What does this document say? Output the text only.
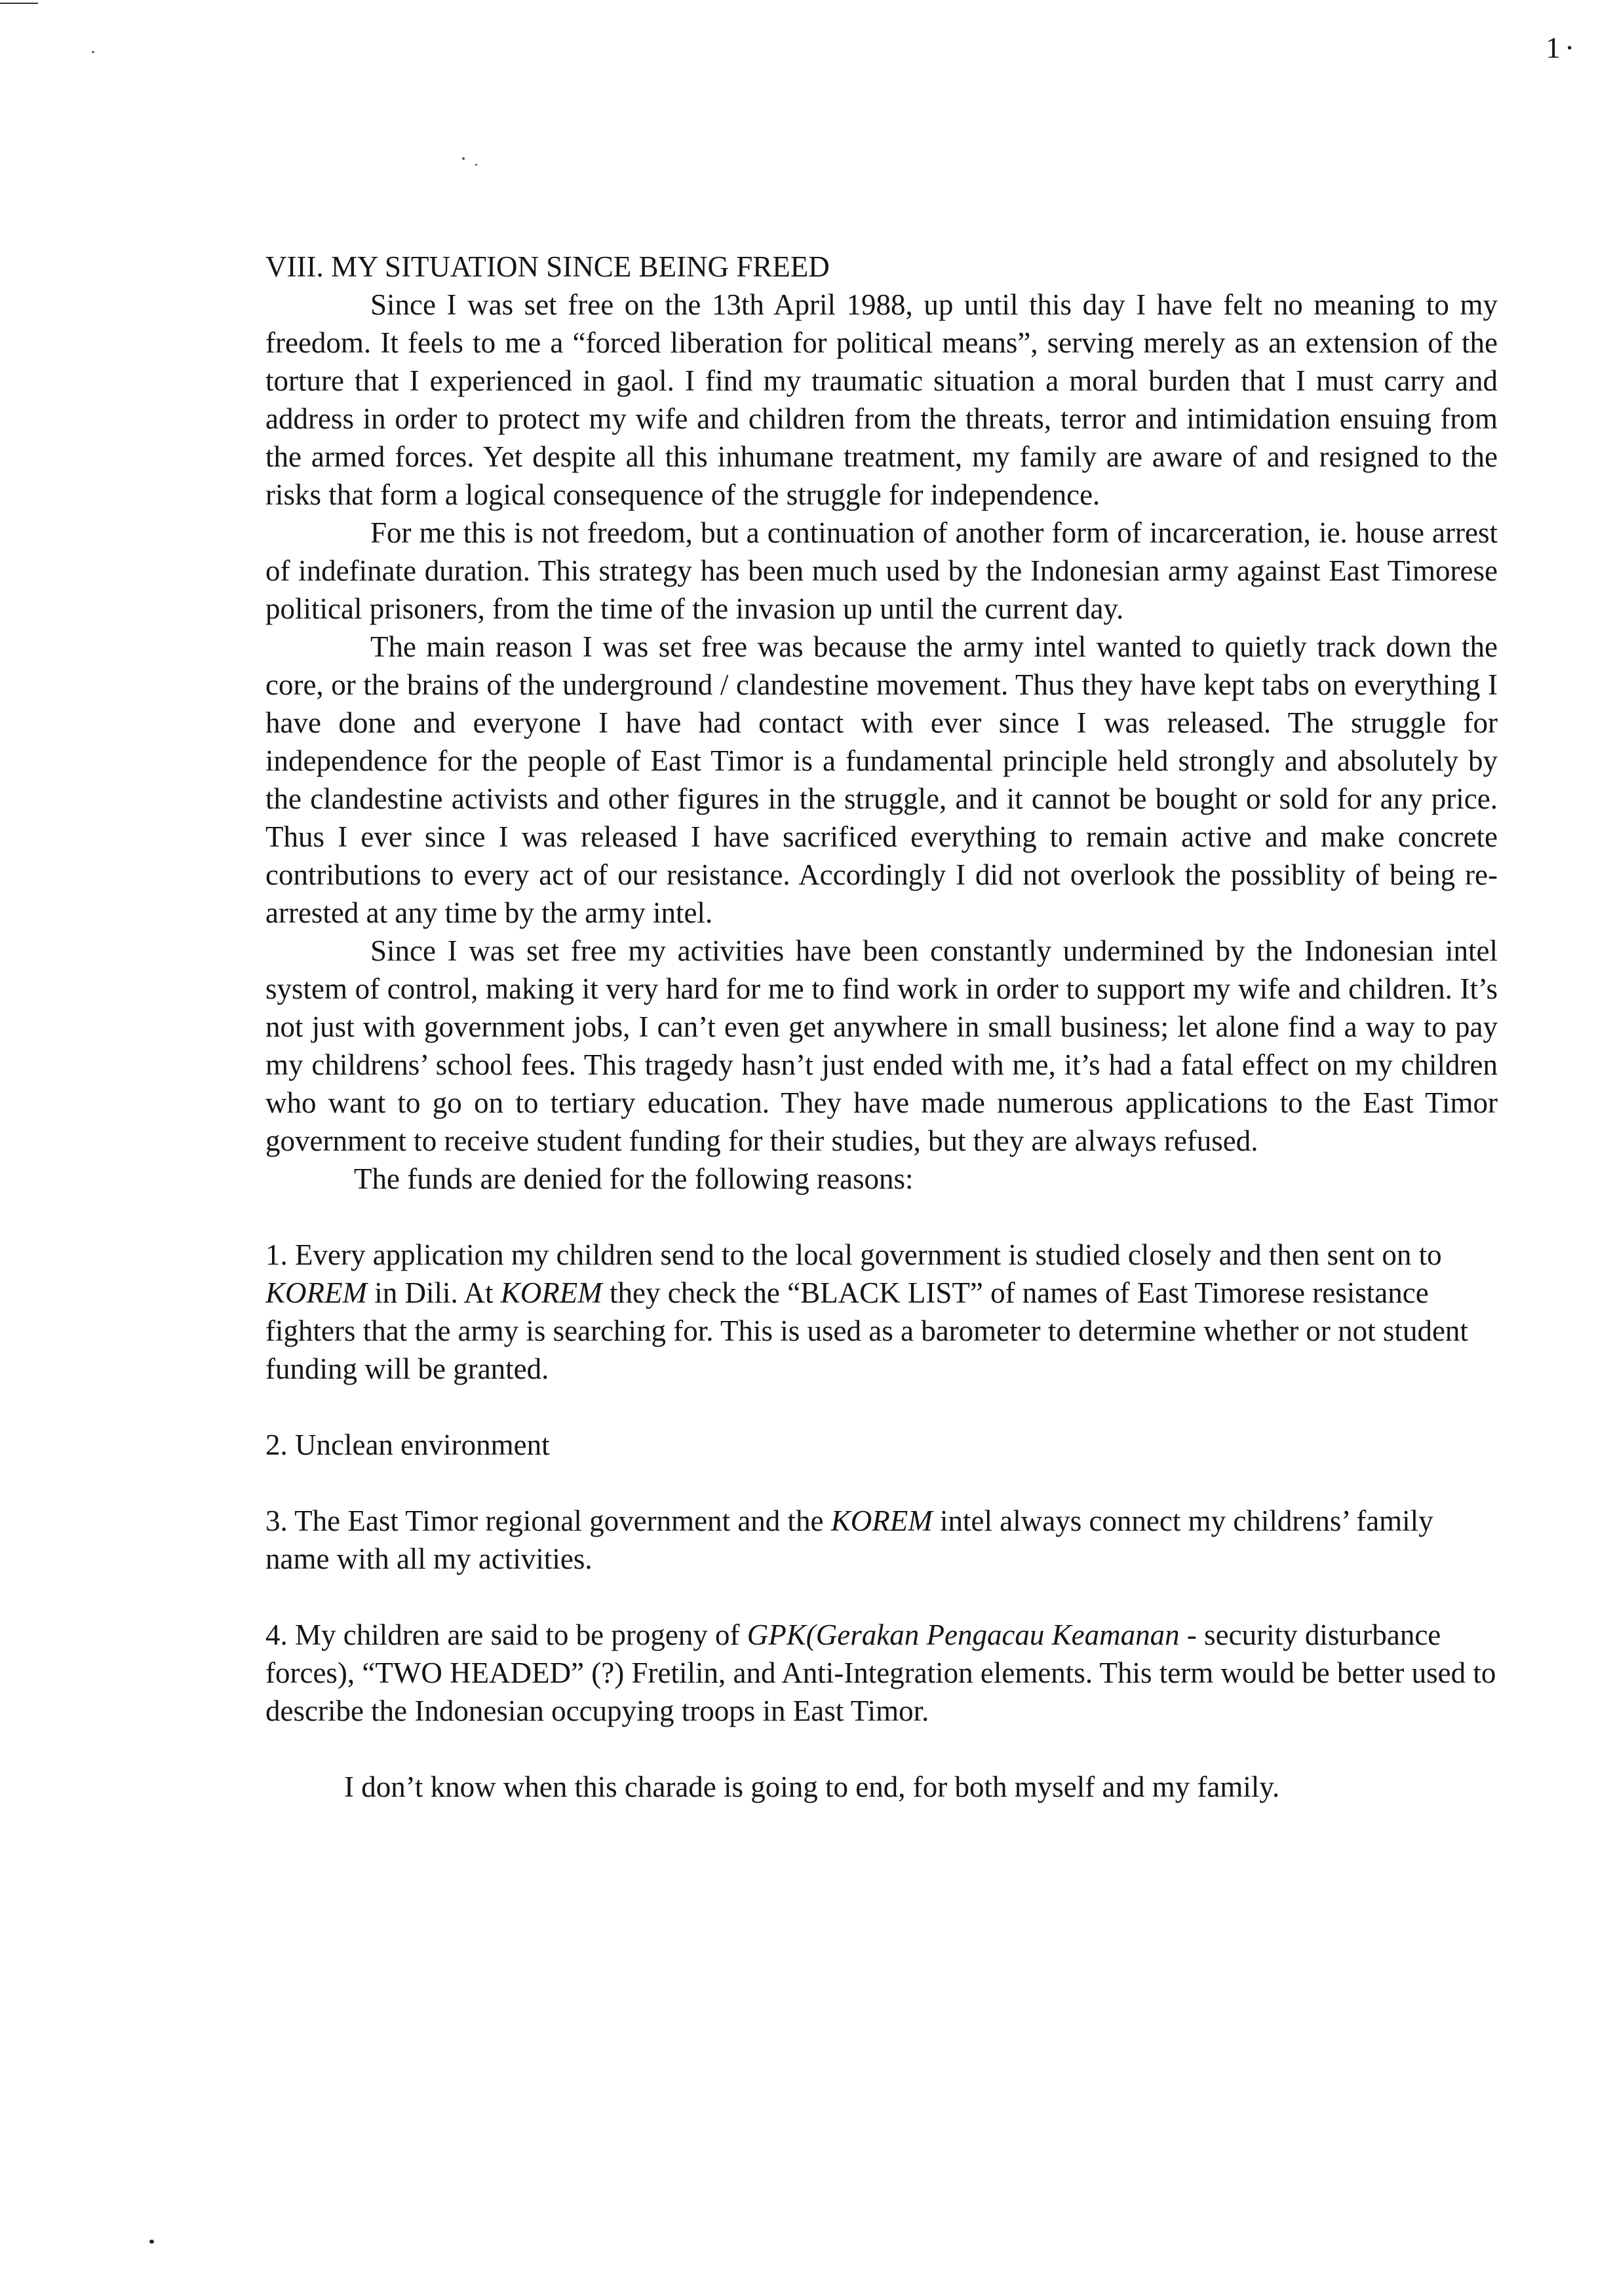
1·
VIII. MY SITUATION SINCE BEING FREED

Since I was set free on the 13th April 1988, up until this day I have felt no meaning to my freedom. It feels to me a “forced liberation for political means”, serving merely as an extension of the torture that I experienced in gaol. I find my traumatic situation a moral burden that I must carry and address in order to protect my wife and children from the threats, terror and intimidation ensuing from the armed forces. Yet despite all this inhumane treatment, my family are aware of and resigned to the risks that form a logical consequence of the struggle for independence.

For me this is not freedom, but a continuation of another form of incarceration, ie. house arrest of indefinate duration. This strategy has been much used by the Indonesian army against East Timorese political prisoners, from the time of the invasion up until the current day.

The main reason I was set free was because the army intel wanted to quietly track down the core, or the brains of the underground / clandestine movement. Thus they have kept tabs on everything I have done and everyone I have had contact with ever since I was released. The struggle for independence for the people of East Timor is a fundamental principle held strongly and absolutely by the clandestine activists and other figures in the struggle, and it cannot be bought or sold for any price. Thus I ever since I was released I have sacrificed everything to remain active and make concrete contributions to every act of our resistance. Accordingly I did not overlook the possiblity of being re-arrested at any time by the army intel.

Since I was set free my activities have been constantly undermined by the Indonesian intel system of control, making it very hard for me to find work in order to support my wife and children. It’s not just with government jobs, I can’t even get anywhere in small business; let alone find a way to pay my childrens’ school fees. This tragedy hasn’t just ended with me, it’s had a fatal effect on my children who want to go on to tertiary education. They have made numerous applications to the East Timor government to receive student funding for their studies, but they are always refused.

The funds are denied for the following reasons:

1. Every application my children send to the local government is studied closely and then sent on to KOREM in Dili. At KOREM they check the “BLACK LIST” of names of East Timorese resistance fighters that the army is searching for. This is used as a barometer to determine whether or not student funding will be granted.
2. Unclean environment
3. The East Timor regional government and the KOREM intel always connect my childrens’ family name with all my activities.
4. My children are said to be progeny of GPK(Gerakan Pengacau Keamanan - security disturbance forces), “TWO HEADED” (?) Fretilin, and Anti-Integration elements. This term would be better used to describe the Indonesian occupying troops in East Timor.

I don’t know when this charade is going to end, for both myself and my family.
